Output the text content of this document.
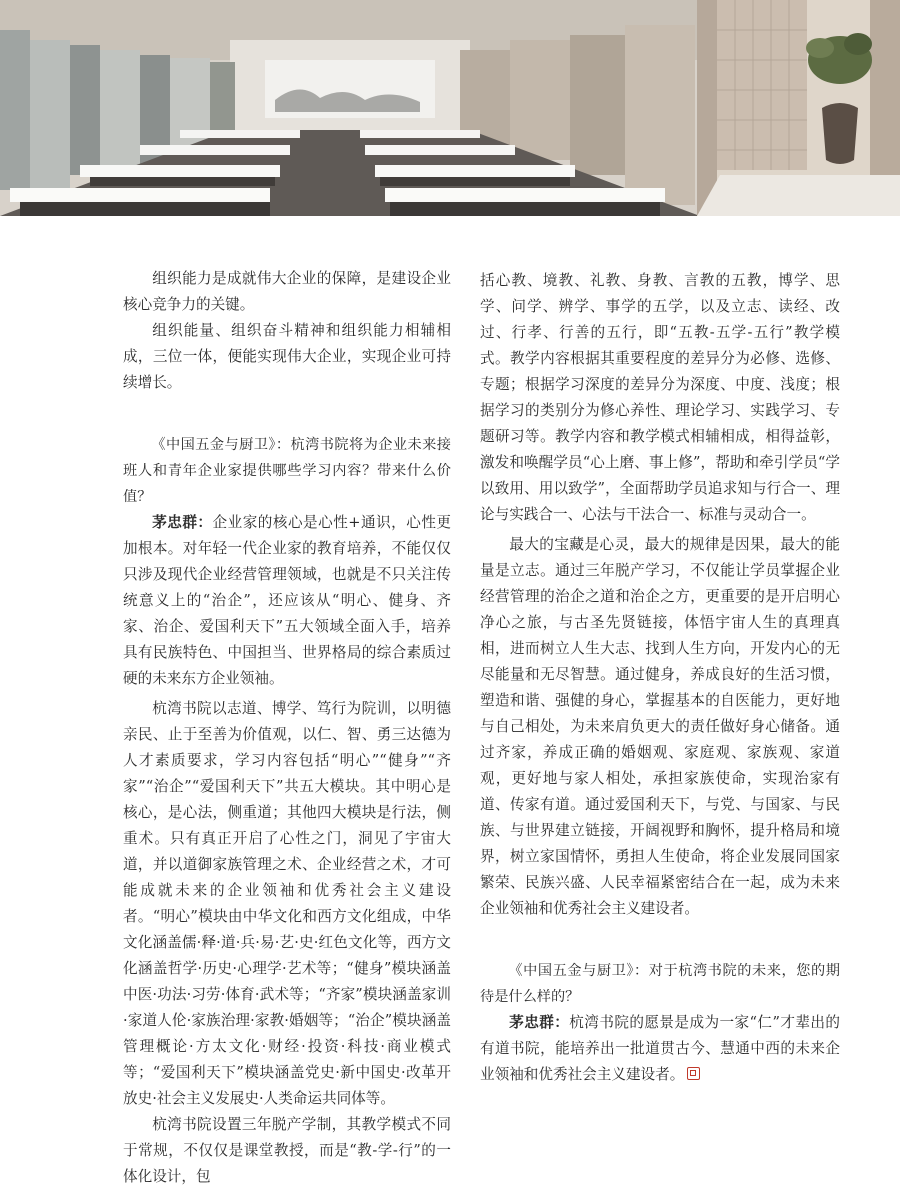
组织能力是成就伟大企业的保障，是建设企业核心竞争力的关键。

组织能量、组织奋斗精神和组织能力相辅相成，三位一体，便能实现伟大企业，实现企业可持续增长。

《中国五金与厨卫》：杭湾书院将为企业未来接班人和青年企业家提供哪些学习内容？带来什么价值？

茅忠群：企业家的核心是心性+通识，心性更加根本。对年轻一代企业家的教育培养，不能仅仅只涉及现代企业经营管理领域，也就是不只关注传统意义上的“治企”，还应该从“明心、健身、齐家、治企、爱国利天下”五大领域全面入手，培养具有民族特色、中国担当、世界格局的综合素质过硬的未来东方企业领袖。

杭湾书院以志道、博学、笃行为院训，以明德亲民、止于至善为价值观，以仁、智、勇三达德为人才素质要求，学习内容包括“明心”“健身”“齐家”“治企”“爱国利天下”共五大模块。其中明心是核心，是心法，侧重道；其他四大模块是行法，侧重术。只有真正开启了心性之门，洞见了宇宙大道，并以道御家族管理之术、企业经营之术，才可能成就未来的企业领袖和优秀社会主义建设者。“明心”模块由中华文化和西方文化组成，中华文化涵盖儒·释·道·兵·易·艺·史·红色文化等，西方文化涵盖哲学·历史·心理学·艺术等；“健身”模块涵盖中医·功法·习劳·体育·武术等；“齐家”模块涵盖家训·家道人伦·家族治理·家教·婚姻等；“治企”模块涵盖管理概论·方太文化·财经·投资·科技·商业模式等；“爱国利天下”模块涵盖党史·新中国史·改革开放史·社会主义发展史·人类命运共同体等。

杭湾书院设置三年脱产学制，其教学模式不同于常规，不仅仅是课堂教授，而是“教-学-行”的一体化设计，包

括心教、境教、礼教、身教、言教的五教，博学、思学、问学、辨学、事学的五学，以及立志、读经、改过、行孝、行善的五行，即“五教-五学-五行”教学模式。教学内容根据其重要程度的差异分为必修、选修、专题；根据学习深度的差异分为深度、中度、浅度；根据学习的类别分为修心养性、理论学习、实践学习、专题研习等。教学内容和教学模式相辅相成，相得益彰，激发和唤醒学员“心上磨、事上修”，帮助和牵引学员“学以致用、用以致学”，全面帮助学员追求知与行合一、理论与实践合一、心法与干法合一、标准与灵动合一。

最大的宝藏是心灵，最大的规律是因果，最大的能量是立志。通过三年脱产学习，不仅能让学员掌握企业经营管理的治企之道和治企之方，更重要的是开启明心净心之旅，与古圣先贤链接，体悟宇宙人生的真理真相，进而树立人生大志、找到人生方向，开发内心的无尽能量和无尽智慧。通过健身，养成良好的生活习惯，塑造和谐、强健的身心，掌握基本的自医能力，更好地与自己相处，为未来肩负更大的责任做好身心储备。通过齐家，养成正确的婚姻观、家庭观、家族观、家道观，更好地与家人相处，承担家族使命，实现治家有道、传家有道。通过爱国利天下，与党、与国家、与民族、与世界建立链接，开阔视野和胸怀，提升格局和境界，树立家国情怀，勇担人生使命，将企业发展同国家繁荣、民族兴盛、人民幸福紧密结合在一起，成为未来企业领袖和优秀社会主义建设者。

《中国五金与厨卫》：对于杭湾书院的未来，您的期待是什么样的？

茅忠群：杭湾书院的愿景是成为一家“仁”才辈出的有道书院，能培养出一批道贯古今、慧通中西的未来企业领袖和优秀社会主义建设者。
